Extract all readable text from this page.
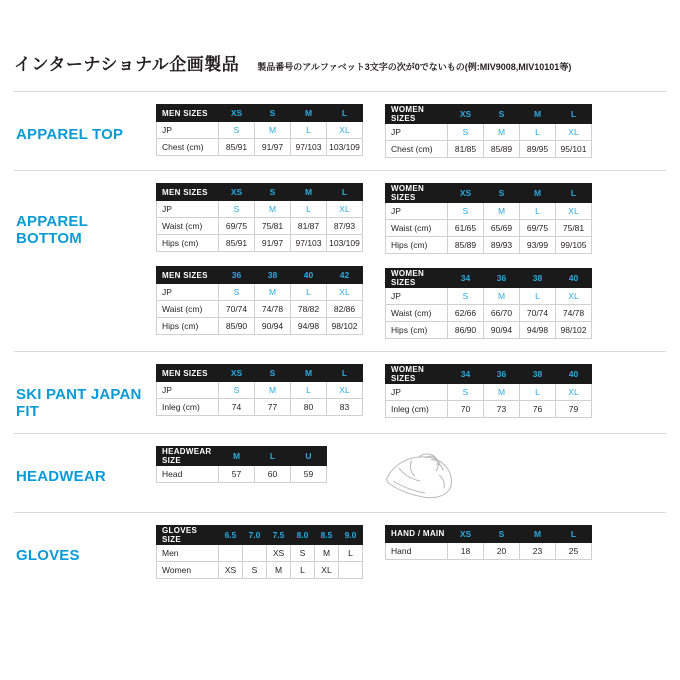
インターナショナル企画製品 製品番号のアルファベット3文字の次が0でないもの(例:MIV9008,MIV10101等)
APPAREL TOP
MEN SIZES	XS	S	M	L
JP	S	M	L	XL
Chest (cm)	85/91	91/97	97/103	103/109
WOMEN SIZES	XS	S	M	L
JP	S	M	L	XL
Chest (cm)	81/85	85/89	89/95	95/101
APPAREL BOTTOM
MEN SIZES	XS	S	M	L
JP	S	M	L	XL
Waist (cm)	69/75	75/81	81/87	87/93
Hips (cm)	85/91	91/97	97/103	103/109
MEN SIZES	36	38	40	42
JP	S	M	L	XL
Waist (cm)	70/74	74/78	78/82	82/86
Hips (cm)	85/90	90/94	94/98	98/102
WOMEN SIZES	XS	S	M	L
JP	S	M	L	XL
Waist (cm)	61/65	65/69	69/75	75/81
Hips (cm)	85/89	89/93	93/99	99/105
WOMEN SIZES	34	36	38	40
JP	S	M	L	XL
Waist (cm)	62/66	66/70	70/74	74/78
Hips (cm)	86/90	90/94	94/98	98/102
SKI PANT JAPAN FIT
MEN SIZES	XS	S	M	L
JP	S	M	L	XL
Inleg (cm)	74	77	80	83
WOMEN SIZES	34	36	38	40
JP	S	M	L	XL
Inleg (cm)	70	73	76	79
HEADWEAR
HEADWEAR SIZE	M	L	U
Head	57	60	59
GLOVES
GLOVES SIZE	6.5	7.0	7.5	8.0	8.5	9.0
Men			XS	S	M	L
Women	XS	S	M	L	XL	
HAND / MAIN	XS	S	M	L
Hand	18	20	23	25
